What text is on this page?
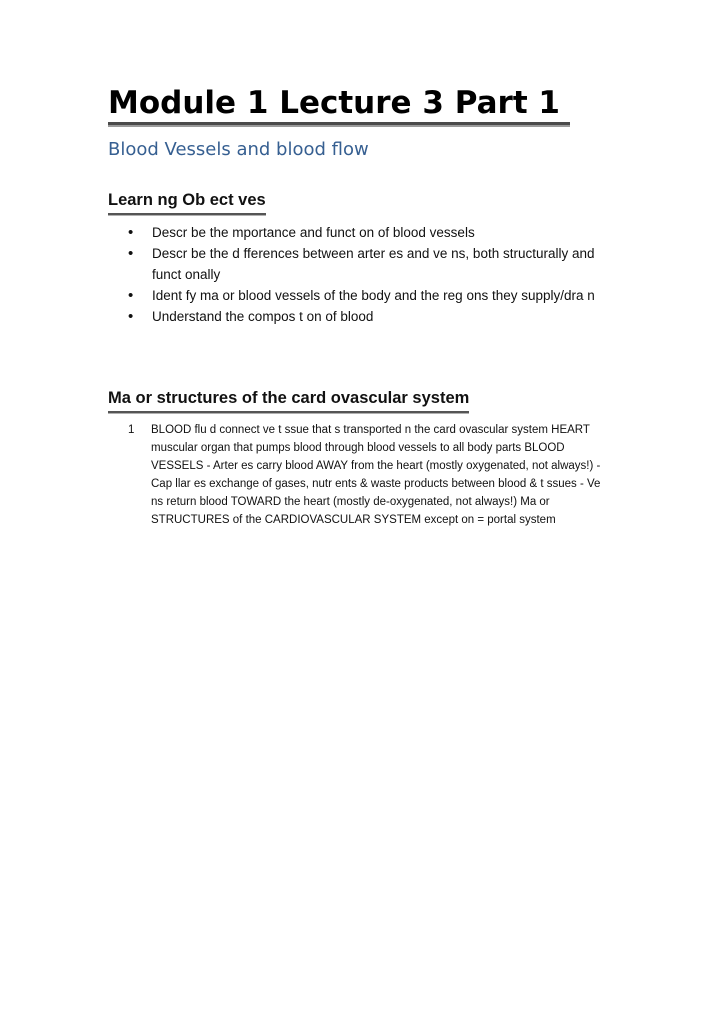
Module 1 Lecture 3 Part 1
Blood Vessels and blood ﬂow
Learn ng Ob ect ves
• Descr be the mportance and funct on of blood vessels
• Descr be the d fferences between arter es and ve ns, both structurally and funct onally
• Ident fy ma or blood vessels of the body and the reg ons they supply/dra n
• Understand the compos t on of blood
Ma or structures of the card ovascular system
1 BLOOD flu d connect ve t ssue that s transported n the card ovascular system HEART muscular organ that pumps blood through blood vessels to all body parts BLOOD VESSELS - Arter es carry blood AWAY from the heart (mostly oxygenated, not always!) - Cap llar es exchange of gases, nutr ents & waste products between blood & t ssues - Ve ns return blood TOWARD the heart (mostly de-oxygenated, not always!) Ma or STRUCTURES of the CARDIOVASCULAR SYSTEM except on = portal system
